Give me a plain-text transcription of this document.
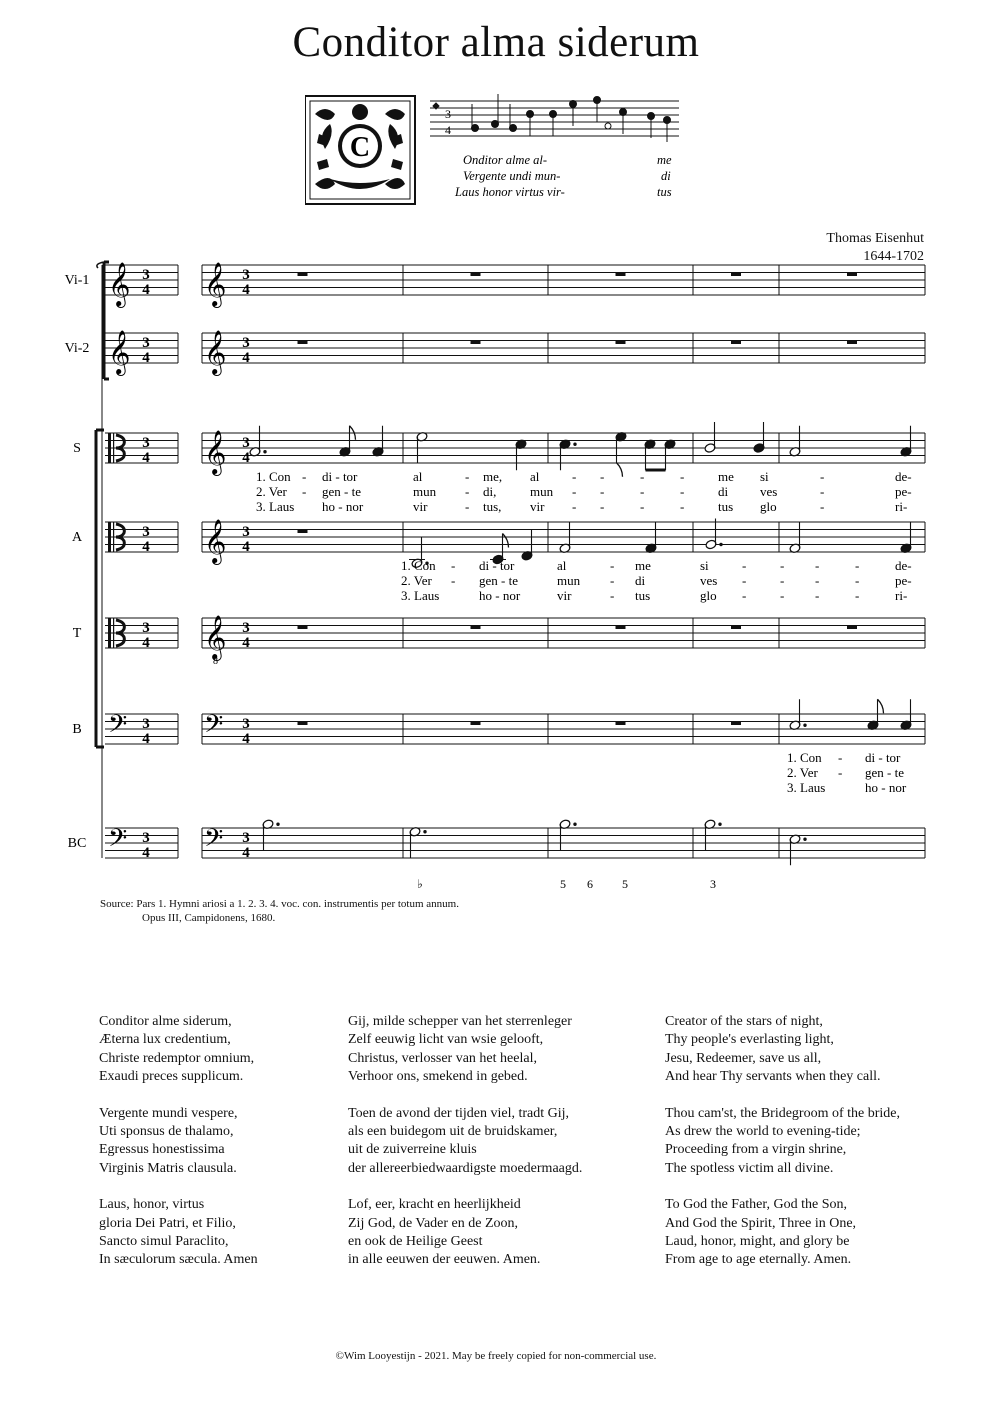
Conditor alma siderum
C
3
4
Onditor alme al-	me
Vergente undi mun-	di
Laus honor virtus vir-	tus
Thomas Eisenhut
1644-1702
Vi-1 𝄞 3
4 𝄞 3
4
Vi-2 𝄞 3
4 𝄞 3
4
S	3
4 𝄞 3
4
A	3
4 𝄞 3
4
T	3
4 𝄞
8
3
4
B 𝄢 3
4 𝄢 3
4
BC 𝄢 3
4 𝄢 3
4
♭	5 6 5	3
1. Con - di - tor	al	- me, al	- -	-	-	me si	-	de-
2. Ver - gen - te	mun - di,	mun - -	-	-	di ves	-	pe-
3. Laus ho - nor	vir	- tus, vir - -	-	-	tus glo	-	ri-
1. Con - di - tor	al	- me	si	-	- -	-	de-
2. Ver - gen - te	mun - di	ves -	- -	-	pe-
3. Laus	ho - nor	vir	- tus	glo -	- -	-	ri-
1. Con - di - tor
2. Ver - gen - te
3. Laus	ho - nor
Source: Pars 1. Hymni ariosi a 1. 2. 3. 4. voc. con. instrumentis per totum annum.
Opus III, Campidonens, 1680.

Conditor alme siderum,
Æterna lux credentium,
Christe redemptor omnium,
Exaudi preces supplicum.

Vergente mundi vespere,
Uti sponsus de thalamo,
Egressus honestissima
Virginis Matris clausula.

Laus, honor, virtus
gloria Dei Patri, et Filio,
Sancto simul Paraclito,
In sæculorum sæcula. Amen

Gij, milde schepper van het sterrenleger
Zelf eeuwig licht van wsie gelooft,
Christus, verlosser van het heelal,
Verhoor ons, smekend in gebed.

Toen de avond der tijden viel, tradt Gij,
als een buidegom uit de bruidskamer,
uit de zuiverreine kluis
der allereerbiedwaardigste moedermaagd.

Lof, eer, kracht en heerlijkheid
Zij God, de Vader en de Zoon,
en ook de Heilige Geest
in alle eeuwen der eeuwen. Amen.

Creator of the stars of night,
Thy people's everlasting light,
Jesu, Redeemer, save us all,
And hear Thy servants when they call.

Thou cam'st, the Bridegroom of the bride,
As drew the world to evening-tide;
Proceeding from a virgin shrine,
The spotless victim all divine.

To God the Father, God the Son,
And God the Spirit, Three in One,
Laud, honor, might, and glory be
From age to age eternally. Amen.

©Wim Looyestijn - 2021. May be freely copied for non-commercial use.
